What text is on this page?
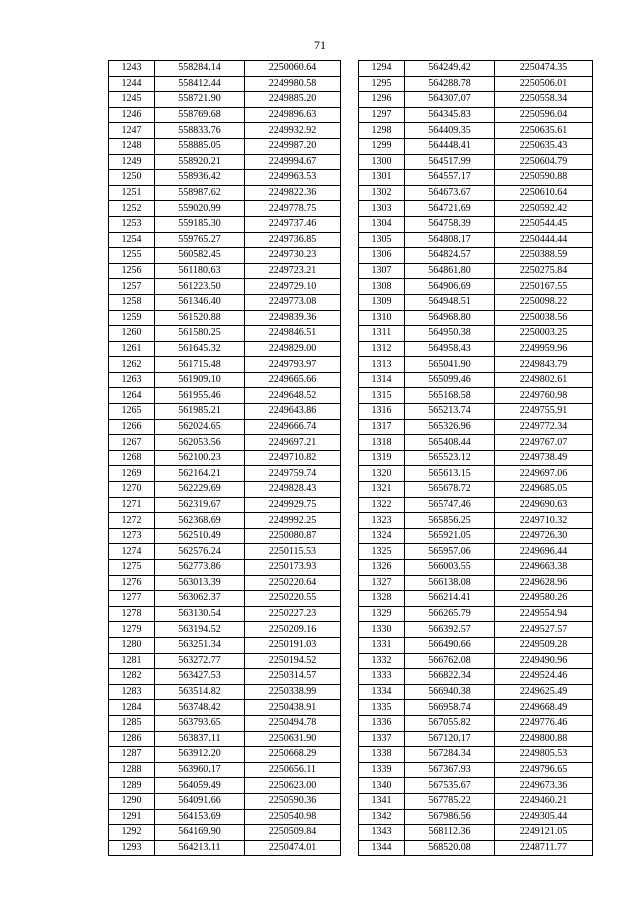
71
1243	558284.14	2250060.64
1244	558412.44	2249980.58
1245	558721.90	2249885.20
1246	558769.68	2249896.63
1247	558833.76	2249932.92
1248	558885.05	2249987.20
1249	558920.21	2249994.67
1250	558936.42	2249963.53
1251	558987.62	2249822.36
1252	559020.99	2249778.75
1253	559185.30	2249737.46
1254	559765.27	2249736.85
1255	560582.45	2249730.23
1256	561180.63	2249723.21
1257	561223.50	2249729.10
1258	561346.40	2249773.08
1259	561520.88	2249839.36
1260	561580.25	2249846.51
1261	561645.32	2249829.00
1262	561715.48	2249793.97
1263	561909.10	2249665.66
1264	561955.46	2249648.52
1265	561985.21	2249643.86
1266	562024.65	2249666.74
1267	562053.56	2249697.21
1268	562100.23	2249710.82
1269	562164.21	2249759.74
1270	562229.69	2249828.43
1271	562319.67	2249929.75
1272	562368.69	2249992.25
1273	562510.49	2250080.87
1274	562576.24	2250115.53
1275	562773.86	2250173.93
1276	563013.39	2250220.64
1277	563062.37	2250220.55
1278	563130.54	2250227.23
1279	563194.52	2250209.16
1280	563251.34	2250191.03
1281	563272.77	2250194.52
1282	563427.53	2250314.57
1283	563514.82	2250338.99
1284	563748.42	2250438.91
1285	563793.65	2250494.78
1286	563837.11	2250631.90
1287	563912.20	2250668.29
1288	563960.17	2250656.11
1289	564059.49	2250623.00
1290	564091.66	2250590.36
1291	564153.69	2250540.98
1292	564169.90	2250509.84
1293	564213.11	2250474.01
1294	564249.42	2250474.35
1295	564288.78	2250506.01
1296	564307.07	2250558.34
1297	564345.83	2250596.04
1298	564409.35	2250635.61
1299	564448.41	2250635.43
1300	564517.99	2250604.79
1301	564557.17	2250590.88
1302	564673.67	2250610.64
1303	564721.69	2250592.42
1304	564758.39	2250544.45
1305	564808.17	2250444.44
1306	564824.57	2250388.59
1307	564861.80	2250275.84
1308	564906.69	2250167.55
1309	564948.51	2250098.22
1310	564968.80	2250038.56
1311	564950.38	2250003.25
1312	564958.43	2249959.96
1313	565041.90	2249843.79
1314	565099.46	2249802.61
1315	565168.58	2249760.98
1316	565213.74	2249755.91
1317	565326.96	2249772.34
1318	565408.44	2249767.07
1319	565523.12	2249738.49
1320	565613.15	2249697.06
1321	565678.72	2249685.05
1322	565747.46	2249690.63
1323	565856.25	2249710.32
1324	565921.05	2249726.30
1325	565957.06	2249696.44
1326	566003.55	2249663.38
1327	566138.08	2249628.96
1328	566214.41	2249580.26
1329	566265.79	2249554.94
1330	566392.57	2249527.57
1331	566490.66	2249509.28
1332	566762.08	2249490.96
1333	566822.34	2249524.46
1334	566940.38	2249625.49
1335	566958.74	2249668.49
1336	567055.82	2249776.46
1337	567120.17	2249800.88
1338	567284.34	2249805.53
1339	567367.93	2249796.65
1340	567535.67	2249673.36
1341	567785.22	2249460.21
1342	567986.56	2249305.44
1343	568112.36	2249121.05
1344	568520.08	2248711.77
